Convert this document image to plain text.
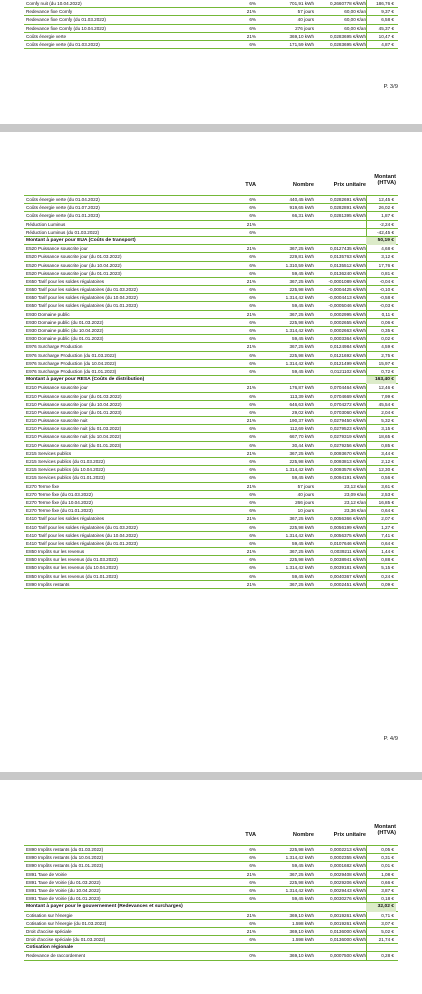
Comfy nuit (du 10.04.2022)	6%	701,91 kWh	0,2660778 €/kWh	186,76 €
Redevance fixe Comfy	21%	57 jours	60,00 €/an	9,37 €
Redevance fixe Comfy (du 01.03.2022)	6%	40 jours	60,00 €/an	6,58 €
Redevance fixe Comfy (du 10.04.2022)	6%	276 jours	60,00 €/an	45,37 €
Coûts énergie verte	21%	369,10 kWh	0,0283695 €/kWh	10,47 €
Coûts énergie verte (du 01.03.2022)	6%	171,59 kWh	0,0283695 €/kWh	4,87 €
P. 3/9
TVA	Nombre	Prix unitaire
Montant
(HTVA)
Coûts énergie verte (du 01.04.2022)	6%	440,45 kWh	0,0282691 €/kWh	12,45 €
Coûts énergie verte (du 01.07.2022)	6%	919,65 kWh	0,0282891 €/kWh	26,02 €
Coûts énergie verte (du 01.01.2023)	6%	66,31 kWh	0,0281395 €/kWh	1,87 €
Réduction Luminus	21%	-2,24 €
Réduction Luminus (du 01.03.2022)	6%	-42,45 €
Montant à payer pour EUA (Coûts de transport)	50,19 €
E520 Puissance souscrite jour	21%	367,25 kWh	0,0127435 €/kWh	4,68 €
E520 Puissance souscrite jour (du 01.03.2022)	6%	229,81 kWh	0,0135763 €/kWh	3,12 €
E520 Puissance souscrite jour (du 10.04.2022)	6%	1.310,59 kWh	0,0135512 €/kWh	17,76 €
E520 Puissance souscrite jour (du 01.01.2023)	6%	59,45 kWh	0,0136240 €/kWh	0,81 €
E650 Tarif pour les soldes régulatoires	21%	367,25 kWh	-0,0001089 €/kWh	-0,04 €
E650 Tarif pour les soldes régulatoires (du 01.03.2022)	6%	225,98 kWh	-0,0004425 €/kWh	-0,10 €
E650 Tarif pour les soldes régulatoires (du 10.04.2022)	6%	1.314,42 kWh	-0,0004413 €/kWh	-0,58 €
E650 Tarif pour les soldes régulatoires (du 01.01.2023)	6%	59,45 kWh	-0,0005046 €/kWh	-0,03 €
E930 Domaine public	21%	367,25 kWh	0,0002995 €/kWh	0,11 €
E930 Domaine public (du 01.03.2022)	6%	225,98 kWh	0,0002655 €/kWh	0,06 €
E930 Domaine public (du 10.04.2022)	6%	1.314,42 kWh	0,0002663 €/kWh	0,35 €
E930 Domaine public (du 01.01.2023)	6%	59,45 kWh	0,0003364 €/kWh	0,02 €
E976 Surcharge Production	21%	367,25 kWh	0,0124984 €/kWh	4,59 €
E976 Surcharge Production (du 01.03.2022)	6%	225,98 kWh	0,0121692 €/kWh	2,75 €
E976 Surcharge Production (du 10.04.2022)	6%	1.314,42 kWh	0,0121499 €/kWh	15,97 €
E976 Surcharge Production (du 01.01.2023)	6%	59,45 kWh	0,0121102 €/kWh	0,72 €
Montant à payer pour RESA (Coûts de distribution)	163,40 €
E210 Puissance souscrite jour	21%	176,87 kWh	0,0704464 €/kWh	12,46 €
E210 Puissance souscrite jour (du 01.03.2022)	6%	113,39 kWh	0,0704669 €/kWh	7,99 €
E210 Puissance souscrite jour (du 10.04.2022)	6%	646,63 kWh	0,0704272 €/kWh	45,54 €
E210 Puissance souscrite jour (du 01.01.2023)	6%	29,02 kWh	0,0703060 €/kWh	2,04 €
E210 Puissance souscrite nuit	21%	190,37 kWh	0,0279450 €/kWh	5,32 €
E210 Puissance souscrite nuit (du 01.03.2022)	6%	112,69 kWh	0,0279523 €/kWh	3,15 €
E210 Puissance souscrite nuit (du 10.04.2022)	6%	667,70 kWh	0,0279319 €/kWh	18,65 €
E210 Puissance souscrite nuit (du 01.01.2023)	6%	30,44 kWh	0,0279256 €/kWh	0,85 €
E215 Services publics	21%	367,25 kWh	0,0093670 €/kWh	3,44 €
E215 Services publics (du 01.03.2022)	6%	225,98 kWh	0,0093813 €/kWh	2,12 €
E215 Services publics (du 10.04.2022)	6%	1.314,42 kWh	0,0093578 €/kWh	12,30 €
E215 Services publics (du 01.01.2023)	6%	59,45 kWh	0,0094191 €/kWh	0,56 €
E270 Terme fixe	21%	57 jours	23,12 €/an	3,61 €
E270 Terme fixe (du 01.03.2022)	6%	40 jours	23,09 €/an	2,53 €
E270 Terme fixe (du 10.04.2022)	6%	266 jours	23,12 €/an	16,85 €
E270 Terme fixe (du 01.01.2023)	6%	10 jours	23,36 €/an	0,64 €
E410 Tarif pour les soldes régulatoires	21%	367,25 kWh	0,0056366 €/kWh	2,07 €
E410 Tarif pour les soldes régulatoires (du 01.03.2022)	6%	225,98 kWh	0,0056199 €/kWh	1,27 €
E410 Tarif pour les soldes régulatoires (du 10.04.2022)	6%	1.314,42 kWh	0,0056375 €/kWh	7,41 €
E410 Tarif pour les soldes régulatoires (du 01.01.2023)	6%	59,45 kWh	0,0107646 €/kWh	0,64 €
E850 Impôts sur les revenus	21%	367,25 kWh	0,0039211 €/kWh	1,44 €
E850 Impôts sur les revenus (du 01.03.2022)	6%	225,98 kWh	0,0038941 €/kWh	0,88 €
E850 Impôts sur les revenus (du 10.04.2022)	6%	1.314,42 kWh	0,0039181 €/kWh	5,15 €
E850 Impôts sur les revenus (du 01.01.2023)	6%	59,45 kWh	0,0040367 €/kWh	0,24 €
E890 Impôts restants	21%	367,25 kWh	0,0002451 €/kWh	0,09 €
P. 4/9
TVA	Nombre	Prix unitaire
Montant
(HTVA)
E890 Impôts restants (du 01.03.2022)	6%	225,98 kWh	0,0002213 €/kWh	0,05 €
E890 Impôts restants (du 10.04.2022)	6%	1.314,42 kWh	0,0002355 €/kWh	0,31 €
E890 Impôts restants (du 01.01.2023)	6%	59,45 kWh	0,0001682 €/kWh	0,01 €
E891 Taxe de Voirie	21%	367,25 kWh	0,0029408 €/kWh	1,08 €
E891 Taxe de Voirie (du 01.03.2022)	6%	225,98 kWh	0,0029206 €/kWh	0,66 €
E891 Taxe de Voirie (du 10.04.2022)	6%	1.314,42 kWh	0,0029443 €/kWh	3,87 €
E891 Taxe de Voirie (du 01.01.2023)	6%	59,45 kWh	0,0030276 €/kWh	0,18 €
Montant à payer pour le gouvernement (Redevances et surcharges)	32,02 €
Cotisation sur l'énergie	21%	369,10 kWh	0,0019261 €/kWh	0,71 €
Cotisation sur l'énergie (du 01.03.2022)	6%	1.598 kWh	0,0019261 €/kWh	3,07 €
Droit d'accise spéciale	21%	369,10 kWh	0,0136000 €/kWh	5,02 €
Droit d'accise spéciale (du 01.03.2022)	6%	1.598 kWh	0,0136000 €/kWh	21,74 €
Cotisation régionale
Redevance de raccordement	0%	369,10 kWh	0,0007500 €/kWh	0,28 €
